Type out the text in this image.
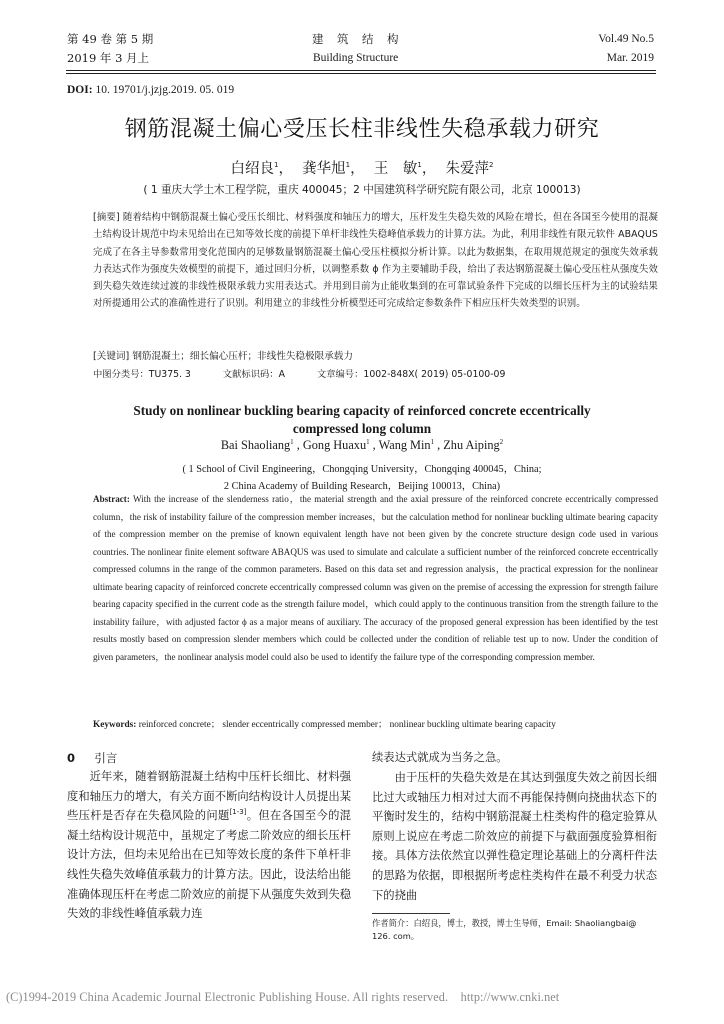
第 49 卷 第 5 期
2019 年 3 月上
建　筑　结　构
Building Structure
Vol.49 No.5
Mar. 2019
DOI: 10. 19701/j.jzjg.2019. 05. 019
钢筋混凝土偏心受压长柱非线性失稳承载力研究
白绍良$^1$， 龚华旭$^1$， 王　敏$^1$， 朱爱萍$^2$
( 1 重庆大学土木工程学院，重庆 400045；2 中国建筑科学研究院有限公司，北京 100013)

[摘要] 随着结构中钢筋混凝土偏心受压长细比、材料强度和轴压力的增大，压杆发生失稳失效的风险在增长，但在各国至今使用的混凝土结构设计规范中均未见给出在已知等效长度的前提下单杆非线性失稳峰值承载力的计算方法。为此，利用非线性有限元软件 ABAQUS 完成了在各主导参数常用变化范围内的足够数量钢筋混凝土偏心受压柱模拟分析计算。以此为数据集，在取用规范规定的强度失效承载力表达式作为强度失效模型的前提下，通过回归分析，以调整系数 ϕ 作为主要辅助手段，给出了表达钢筋混凝土偏心受压柱从强度失效到失稳失效连续过渡的非线性极限承载力实用表达式。并用到目前为止能收集到的在可靠试验条件下完成的以细长压杆为主的试验结果对所提通用公式的准确性进行了识别。利用建立的非线性分析模型还可完成给定参数条件下相应压杆失效类型的识别。

[关键词] 钢筋混凝土；细长偏心压杆；非线性失稳极限承载力
中图分类号：TU375. 3	文献标识码：A	文章编号：1002-848X( 2019) 05-0100-09
Study on nonlinear buckling bearing capacity of reinforced concrete eccentrically
compressed long column
Bai Shaoliang$^1$ , Gong Huaxu$^1$ , Wang Min$^1$ , Zhu Aiping$^2$
( 1 School of Civil Engineering，Chongqing University，Chongqing 400045，China;
2 China Academy of Building Research，Beijing 100013，China)

Abstract: With the increase of the slenderness ratio，the material strength and the axial pressure of the reinforced concrete eccentrically compressed column，the risk of instability failure of the compression member increases，but the calculation method for nonlinear buckling ultimate bearing capacity of the compression member on the premise of known equivalent length have not been given by the concrete structure design code used in various countries. The nonlinear finite element software ABAQUS was used to simulate and calculate a sufficient number of the reinforced concrete eccentrically compressed columns in the range of the common parameters. Based on this data set and regression analysis，the practical expression for the nonlinear ultimate bearing capacity of reinforced concrete eccentrically compressed column was given on the premise of accessing the expression for strength failure bearing capacity specified in the current code as the strength failure model，which could apply to the continuous transition from the strength failure to the instability failure，with adjusted factor ϕ as a major means of auxiliary. The accuracy of the proposed general expression has been identified by the test results mostly based on compression slender members which could be collected under the condition of reliable test up to now. Under the condition of given parameters，the nonlinear analysis model could also be used to identify the failure type of the corresponding compression member.

Keywords: reinforced concrete； slender eccentrically compressed member； nonlinear buckling ultimate bearing capacity
0 引言

近年来，随着钢筋混凝土结构中压杆长细比、材料强度和轴压力的增大，有关方面不断向结构设计人员提出某些压杆是否存在失稳风险的问题[1-3]。但在各国至今的混凝土结构设计规范中，虽规定了考虑二阶效应的细长压杆设计方法，但均未见给出在已知等效长度的条件下单杆非线性失稳失效峰值承载力的计算方法。因此，设法给出能准确体现压杆在考虑二阶效应的前提下从强度失效到失稳失效的非线性峰值承载力连

续表达式就成为当务之急。

由于压杆的失稳失效是在其达到强度失效之前因长细比过大或轴压力相对过大而不再能保持侧向挠曲状态下的平衡时发生的，结构中钢筋混凝土柱类构件的稳定验算从原则上说应在考虑二阶效应的前提下与截面强度验算相衔接。具体方法依然宜以弹性稳定理论基础上的分离杆件法的思路为依据，即根据所考虑柱类构件在最不利受力状态下的挠曲

作者简介：白绍良，博士，教授，博士生导师，Email: Shaoliangbai@ 126. com。

(C)1994-2019 China Academic Journal Electronic Publishing House. All rights reserved.    http://www.cnki.net
